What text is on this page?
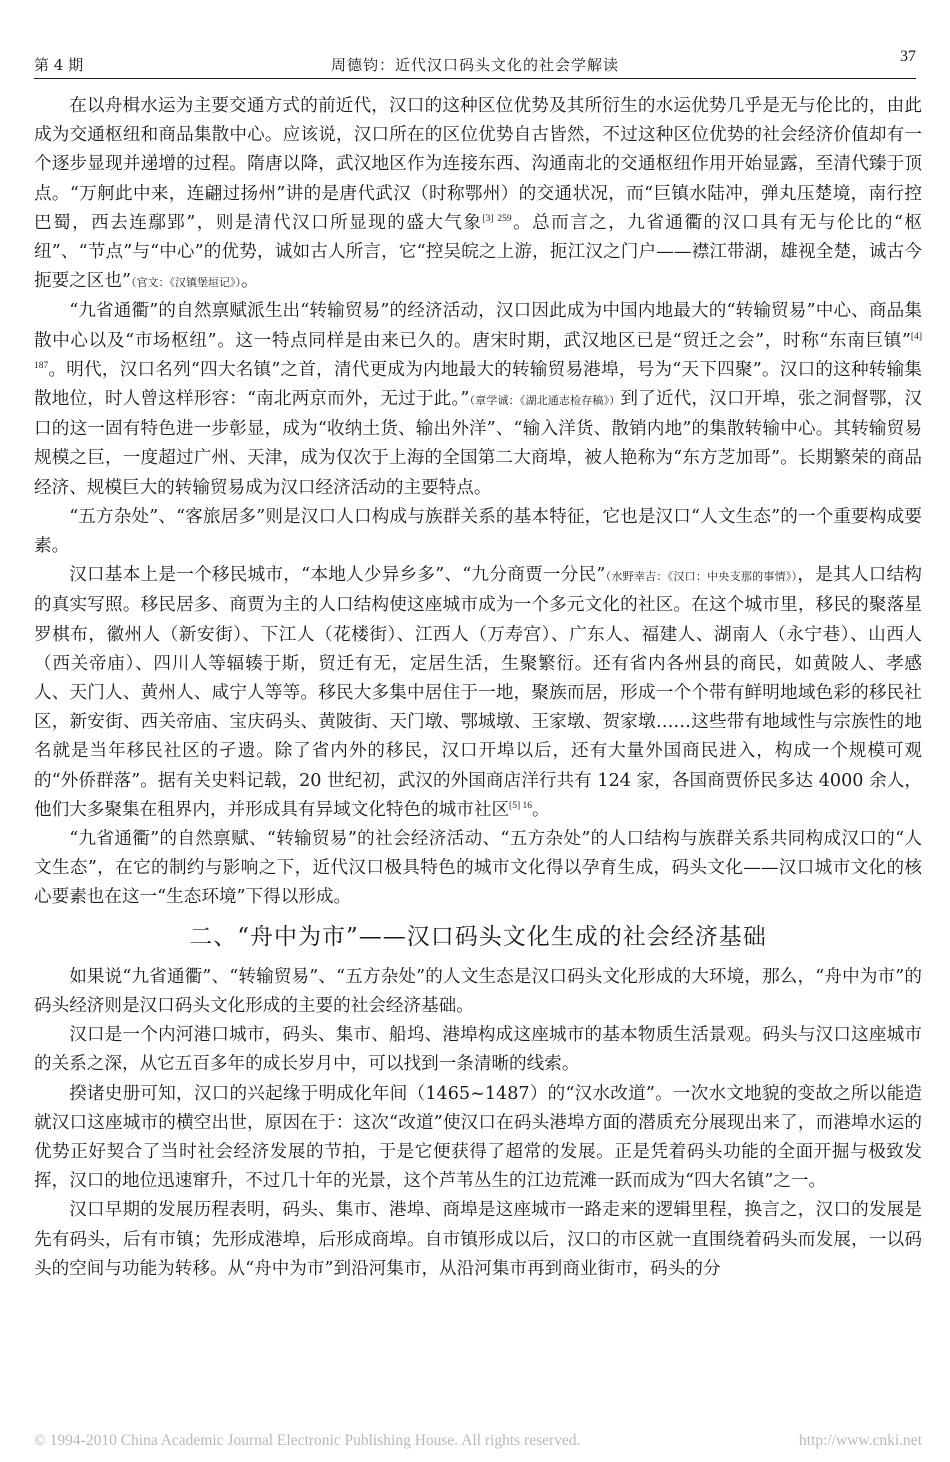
第 4 期	周德钧：近代汉口码头文化的社会学解读	37

在以舟楫水运为主要交通方式的前近代，汉口的这种区位优势及其所衍生的水运优势几乎是无与伦比的，由此成为交通枢纽和商品集散中心。应该说，汉口所在的区位优势自古皆然，不过这种区位优势的社会经济价值却有一个逐步显现并递增的过程。隋唐以降，武汉地区作为连接东西、沟通南北的交通枢纽作用开始显露，至清代臻于顶点。“万舸此中来，连翩过扬州”讲的是唐代武汉（时称鄂州）的交通状况，而“巨镇水陆冲，弹丸压楚境，南行控巴蜀，西去连鄢郢”，则是清代汉口所显现的盛大气象$^{[3] 259}$。总而言之，九省通衢的汉口具有无与伦比的“枢纽”、“节点”与“中心”的优势，诚如古人所言，它“控吴皖之上游，扼江汉之门户——襟江带湖，雄视全楚，诚古今扼要之区也”（官文：《汉镇堡垣记》）。

“九省通衢”的自然禀赋派生出“转输贸易”的经济活动，汉口因此成为中国内地最大的“转输贸易”中心、商品集散中心以及“市场枢纽”。这一特点同样是由来已久的。唐宋时期，武汉地区已是“贸迁之会”，时称“东南巨镇”$^{[4] 187}$。明代，汉口名列“四大名镇”之首，清代更成为内地最大的转输贸易港埠，号为“天下四聚”。汉口的这种转输集散地位，时人曾这样形容：“南北两京而外，无过于此。”（章学诚：《湖北通志检存稿》）到了近代，汉口开埠，张之洞督鄂，汉口的这一固有特色进一步彰显，成为“收纳土货、输出外洋”、“输入洋货、散销内地”的集散转输中心。其转输贸易规模之巨，一度超过广州、天津，成为仅次于上海的全国第二大商埠，被人艳称为“东方芝加哥”。长期繁荣的商品经济、规模巨大的转输贸易成为汉口经济活动的主要特点。

“五方杂处”、“客旅居多”则是汉口人口构成与族群关系的基本特征，它也是汉口“人文生态”的一个重要构成要素。

汉口基本上是一个移民城市，“本地人少异乡多”、“九分商贾一分民”（水野幸吉：《汉口：中央支那的事情》），是其人口结构的真实写照。移民居多、商贾为主的人口结构使这座城市成为一个多元文化的社区。在这个城市里，移民的聚落星罗棋布，徽州人（新安街）、下江人（花楼街）、江西人（万寿宫）、广东人、福建人、湖南人（永宁巷）、山西人（西关帝庙）、四川人等辐辏于斯，贸迁有无，定居生活，生聚繁衍。还有省内各州县的商民，如黄陂人、孝感人、天门人、黄州人、咸宁人等等。移民大多集中居住于一地，聚族而居，形成一个个带有鲜明地域色彩的移民社区，新安街、西关帝庙、宝庆码头、黄陂街、天门墩、鄂城墩、王家墩、贺家墩……这些带有地域性与宗族性的地名就是当年移民社区的孑遗。除了省内外的移民，汉口开埠以后，还有大量外国商民进入，构成一个规模可观的“外侨群落”。据有关史料记载，20 世纪初，武汉的外国商店洋行共有 124 家，各国商贾侨民多达 4000 余人，他们大多聚集在租界内，并形成具有异域文化特色的城市社区$^{[5] 16}$。

“九省通衢”的自然禀赋、“转输贸易”的社会经济活动、“五方杂处”的人口结构与族群关系共同构成汉口的“人文生态”，在它的制约与影响之下，近代汉口极具特色的城市文化得以孕育生成，码头文化——汉口城市文化的核心要素也在这一“生态环境”下得以形成。

二、“舟中为市”——汉口码头文化生成的社会经济基础

如果说“九省通衢”、“转输贸易”、“五方杂处”的人文生态是汉口码头文化形成的大环境，那么，“舟中为市”的码头经济则是汉口码头文化形成的主要的社会经济基础。

汉口是一个内河港口城市，码头、集市、船坞、港埠构成这座城市的基本物质生活景观。码头与汉口这座城市的关系之深，从它五百多年的成长岁月中，可以找到一条清晰的线索。

揆诸史册可知，汉口的兴起缘于明成化年间（1465~1487）的“汉水改道”。一次水文地貌的变故之所以能造就汉口这座城市的横空出世，原因在于：这次“改道”使汉口在码头港埠方面的潜质充分展现出来了，而港埠水运的优势正好契合了当时社会经济发展的节拍，于是它便获得了超常的发展。正是凭着码头功能的全面开掘与极致发挥，汉口的地位迅速窜升，不过几十年的光景，这个芦苇丛生的江边荒滩一跃而成为“四大名镇”之一。

汉口早期的发展历程表明，码头、集市、港埠、商埠是这座城市一路走来的逻辑里程，换言之，汉口的发展是先有码头，后有市镇；先形成港埠，后形成商埠。自市镇形成以后，汉口的市区就一直围绕着码头而发展，一以码头的空间与功能为转移。从“舟中为市”到沿河集市，从沿河集市再到商业街市，码头的分

© 1994-2010 China Academic Journal Electronic Publishing House. All rights reserved.	http://www.cnki.net
